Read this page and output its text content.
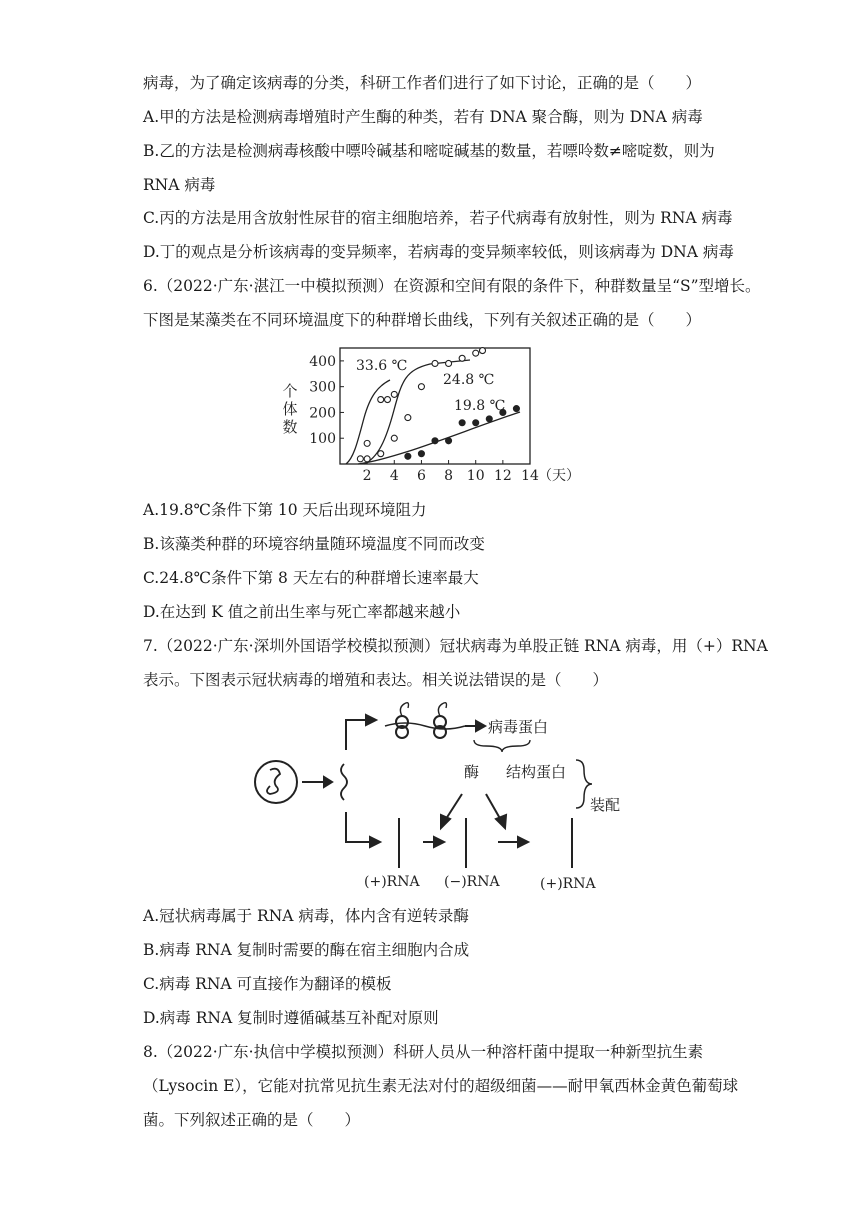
病毒，为了确定该病毒的分类，科研工作者们进行了如下讨论，正确的是（　　）
A.甲的方法是检测病毒增殖时产生酶的种类，若有 DNA 聚合酶，则为 DNA 病毒
B.乙的方法是检测病毒核酸中嘌呤碱基和嘧啶碱基的数量，若嘌呤数≠嘧啶数，则为
RNA 病毒
C.丙的方法是用含放射性尿苷的宿主细胞培养，若子代病毒有放射性，则为 RNA 病毒
D.丁的观点是分析该病毒的变异频率，若病毒的变异频率较低，则该病毒为 DNA 病毒
6.（2022·广东·湛江一中模拟预测）在资源和空间有限的条件下，种群数量呈“S”型增长。
下图是某藻类在不同环境温度下的种群增长曲线，下列有关叙述正确的是（　　）
2 4 6 8 10 12 14 （天）
100
200
300
400
个
体
数
33.6 ℃
24.8 ℃
19.8 ℃
A.19.8℃条件下第 10 天后出现环境阻力
B.该藻类种群的环境容纳量随环境温度不同而改变
C.24.8℃条件下第 8 天左右的种群增长速率最大
D.在达到 K 值之前出生率与死亡率都越来越小
7.（2022·广东·深圳外国语学校模拟预测）冠状病毒为单股正链 RNA 病毒，用（+）RNA
表示。下图表示冠状病毒的增殖和表达。相关说法错误的是（　　）
病毒蛋白
酶 结构蛋白
装配
(+)RNA (−)RNA	(+)RNA
A.冠状病毒属于 RNA 病毒，体内含有逆转录酶
B.病毒 RNA 复制时需要的酶在宿主细胞内合成
C.病毒 RNA 可直接作为翻译的模板
D.病毒 RNA 复制时遵循碱基互补配对原则
8.（2022·广东·执信中学模拟预测）科研人员从一种溶杆菌中提取一种新型抗生素
（Lysocin E），它能对抗常见抗生素无法对付的超级细菌——耐甲氧西林金黄色葡萄球
菌。下列叙述正确的是（　　）
